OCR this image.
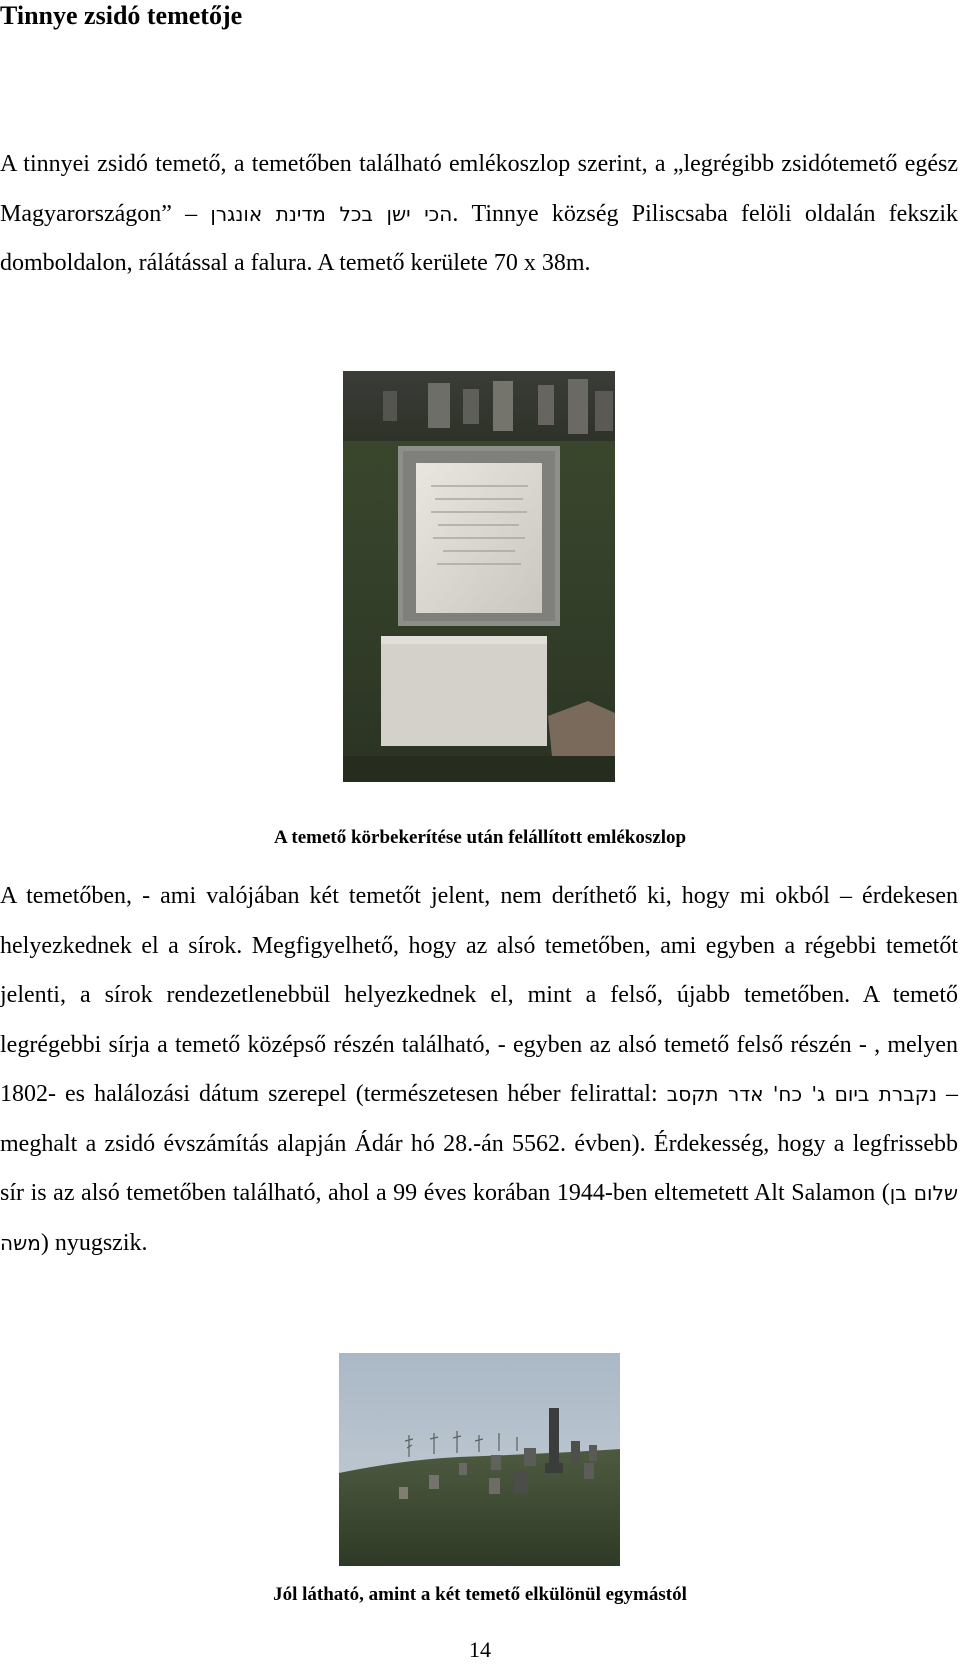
Tinnye zsidó temetője

A tinnyei zsidó temető, a temetőben található emlékoszlop szerint, a „legrégibb zsidótemető egész Magyarországon” – הכי ישן בכל מדינת אונגרן. Tinnye község Piliscsaba felöli oldalán fekszik domboldalon, rálátással a falura. A temető kerülete 70 x 38m.

A temető körbekerítése után felállított emlékoszlop

A temetőben, - ami valójában két temetőt jelent, nem deríthető ki, hogy mi okból – érdekesen helyezkednek el a sírok. Megfigyelhető, hogy az alsó temetőben, ami egyben a régebbi temetőt jelenti, a sírok rendezetlenebbül helyezkednek el, mint a felső, újabb temetőben. A temető legrégebbi sírja a temető középső részén található, - egyben az alsó temető felső részén - , melyen 1802- es halálozási dátum szerepel (természetesen héber felirattal: נקברת ביום ג' כח' אדר תקסב – meghalt a zsidó évszámítás alapján Ádár hó 28.-án 5562. évben). Érdekesség, hogy a legfrissebb sír is az alsó temetőben található, ahol a 99 éves korában 1944-ben eltemetett Alt Salamon (שלום בן משה) nyugszik.

Jól látható, amint a két temető elkülönül egymástól
14
